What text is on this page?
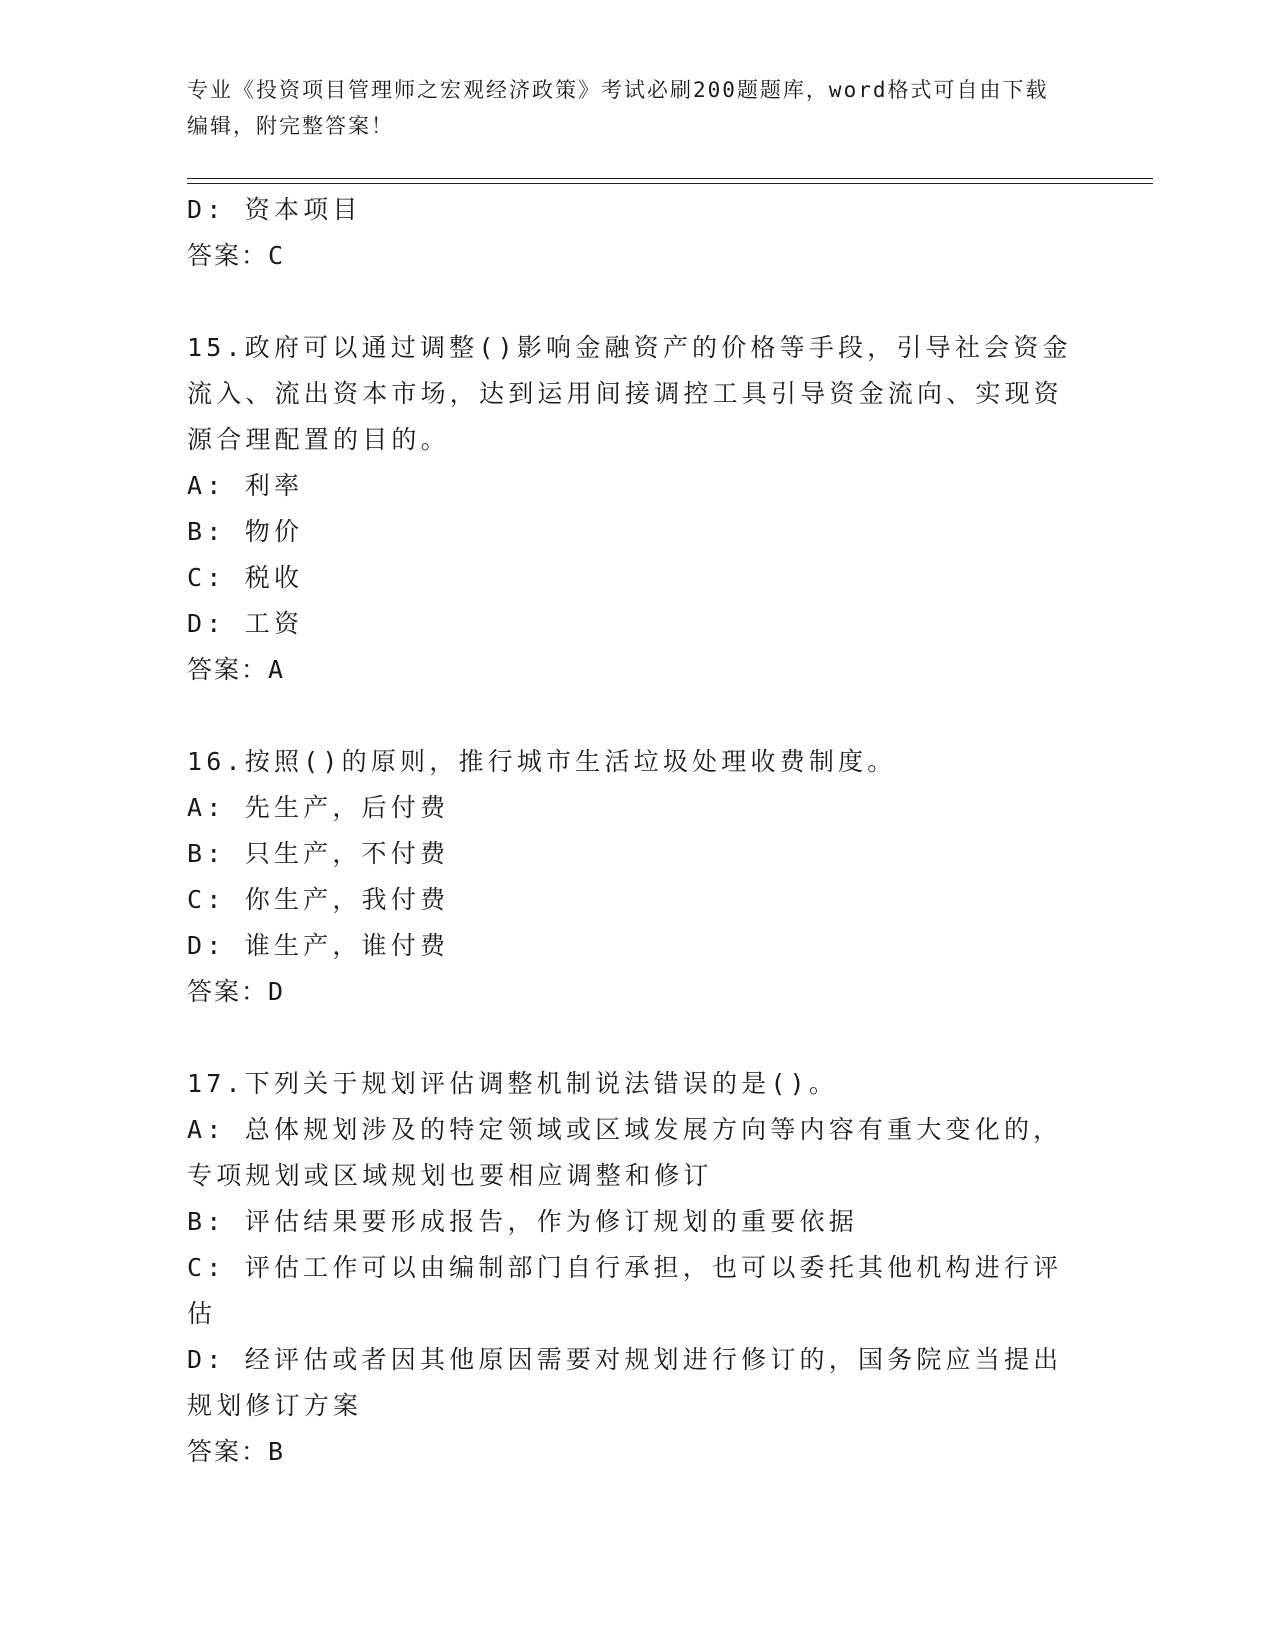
专业《投资项目管理师之宏观经济政策》考试必刷200题题库，word格式可自由下载编辑，附完整答案！

D: 资本项目

答案：C

15.政府可以通过调整()影响金融资产的价格等手段，引导社会资金流入、流出资本市场，达到运用间接调控工具引导资金流向、实现资源合理配置的目的。

A: 利率

B: 物价

C: 税收

D: 工资

答案：A

16.按照()的原则，推行城市生活垃圾处理收费制度。

A: 先生产，后付费

B: 只生产，不付费

C: 你生产，我付费

D: 谁生产，谁付费

答案：D

17.下列关于规划评估调整机制说法错误的是()。

A: 总体规划涉及的特定领域或区域发展方向等内容有重大变化的，专项规划或区域规划也要相应调整和修订

B: 评估结果要形成报告，作为修订规划的重要依据

C: 评估工作可以由编制部门自行承担，也可以委托其他机构进行评估

D: 经评估或者因其他原因需要对规划进行修订的，国务院应当提出规划修订方案

答案：B
